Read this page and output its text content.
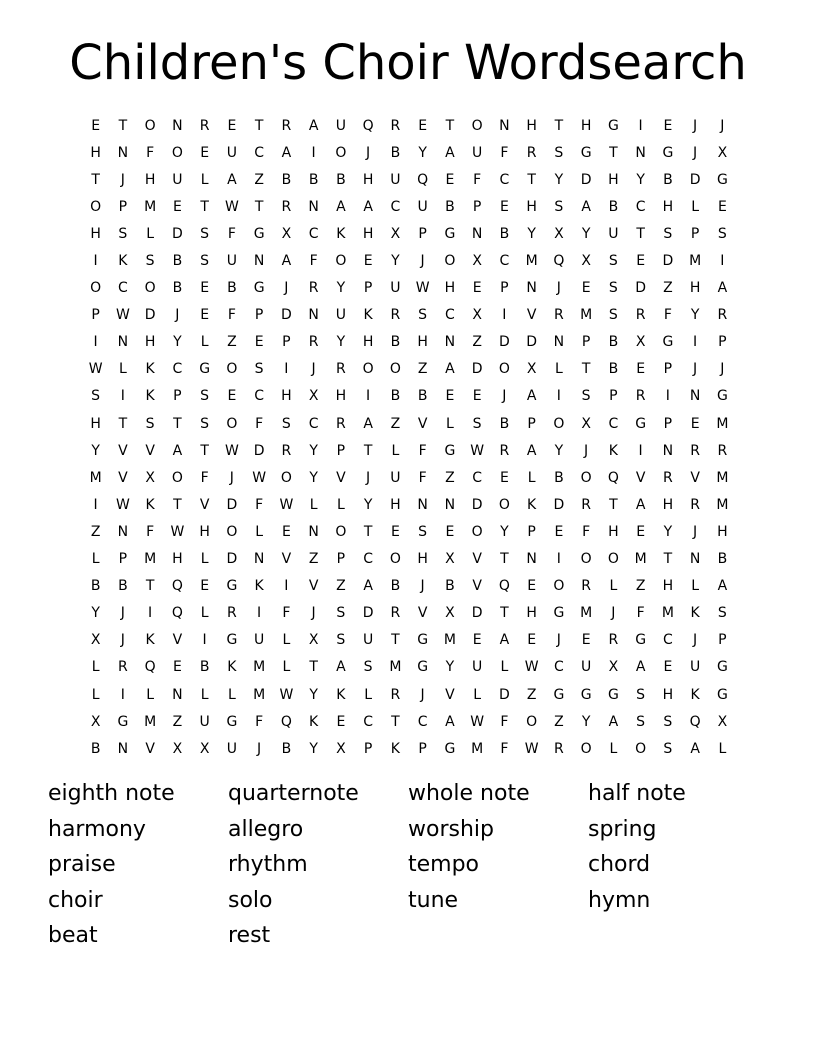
Children's Choir Wordsearch
E	T	O	N	R	E	T	R	A	U	Q	R	E	T	O	N	H	T	H	G	I	E	J	J
H	N	F	O	E	U	C	A	I	O	J	B	Y	A	U	F	R	S	G	T	N	G	J	X
T	J	H	U	L	A	Z	B	B	B	H	U	Q	E	F	C	T	Y	D	H	Y	B	D	G
O	P	M	E	T	W	T	R	N	A	A	C	U	B	P	E	H	S	A	B	C	H	L	E
H	S	L	D	S	F	G	X	C	K	H	X	P	G	N	B	Y	X	Y	U	T	S	P	S
I	K	S	B	S	U	N	A	F	O	E	Y	J	O	X	C	M	Q	X	S	E	D	M	I
O	C	O	B	E	B	G	J	R	Y	P	U	W	H	E	P	N	J	E	S	D	Z	H	A
P	W	D	J	E	F	P	D	N	U	K	R	S	C	X	I	V	R	M	S	R	F	Y	R
I	N	H	Y	L	Z	E	P	R	Y	H	B	H	N	Z	D	D	N	P	B	X	G	I	P
W	L	K	C	G	O	S	I	J	R	O	O	Z	A	D	O	X	L	T	B	E	P	J	J
S	I	K	P	S	E	C	H	X	H	I	B	B	E	E	J	A	I	S	P	R	I	N	G
H	T	S	T	S	O	F	S	C	R	A	Z	V	L	S	B	P	O	X	C	G	P	E	M
Y	V	V	A	T	W	D	R	Y	P	T	L	F	G	W	R	A	Y	J	K	I	N	R	R
M	V	X	O	F	J	W	O	Y	V	J	U	F	Z	C	E	L	B	O	Q	V	R	V	M
I	W	K	T	V	D	F	W	L	L	Y	H	N	N	D	O	K	D	R	T	A	H	R	M
Z	N	F	W	H	O	L	E	N	O	T	E	S	E	O	Y	P	E	F	H	E	Y	J	H
L	P	M	H	L	D	N	V	Z	P	C	O	H	X	V	T	N	I	O	O	M	T	N	B
B	B	T	Q	E	G	K	I	V	Z	A	B	J	B	V	Q	E	O	R	L	Z	H	L	A
Y	J	I	Q	L	R	I	F	J	S	D	R	V	X	D	T	H	G	M	J	F	M	K	S
X	J	K	V	I	G	U	L	X	S	U	T	G	M	E	A	E	J	E	R	G	C	J	P
L	R	Q	E	B	K	M	L	T	A	S	M	G	Y	U	L	W	C	U	X	A	E	U	G
L	I	L	N	L	L	M	W	Y	K	L	R	J	V	L	D	Z	G	G	G	S	H	K	G
X	G	M	Z	U	G	F	Q	K	E	C	T	C	A	W	F	O	Z	Y	A	S	S	Q	X
B	N	V	X	X	U	J	B	Y	X	P	K	P	G	M	F	W	R	O	L	O	S	A	L
eighth note	quarternote	whole note	half note
harmony	allegro	worship	spring
praise	rhythm	tempo	chord
choir	solo	tune	hymn
beat	rest
